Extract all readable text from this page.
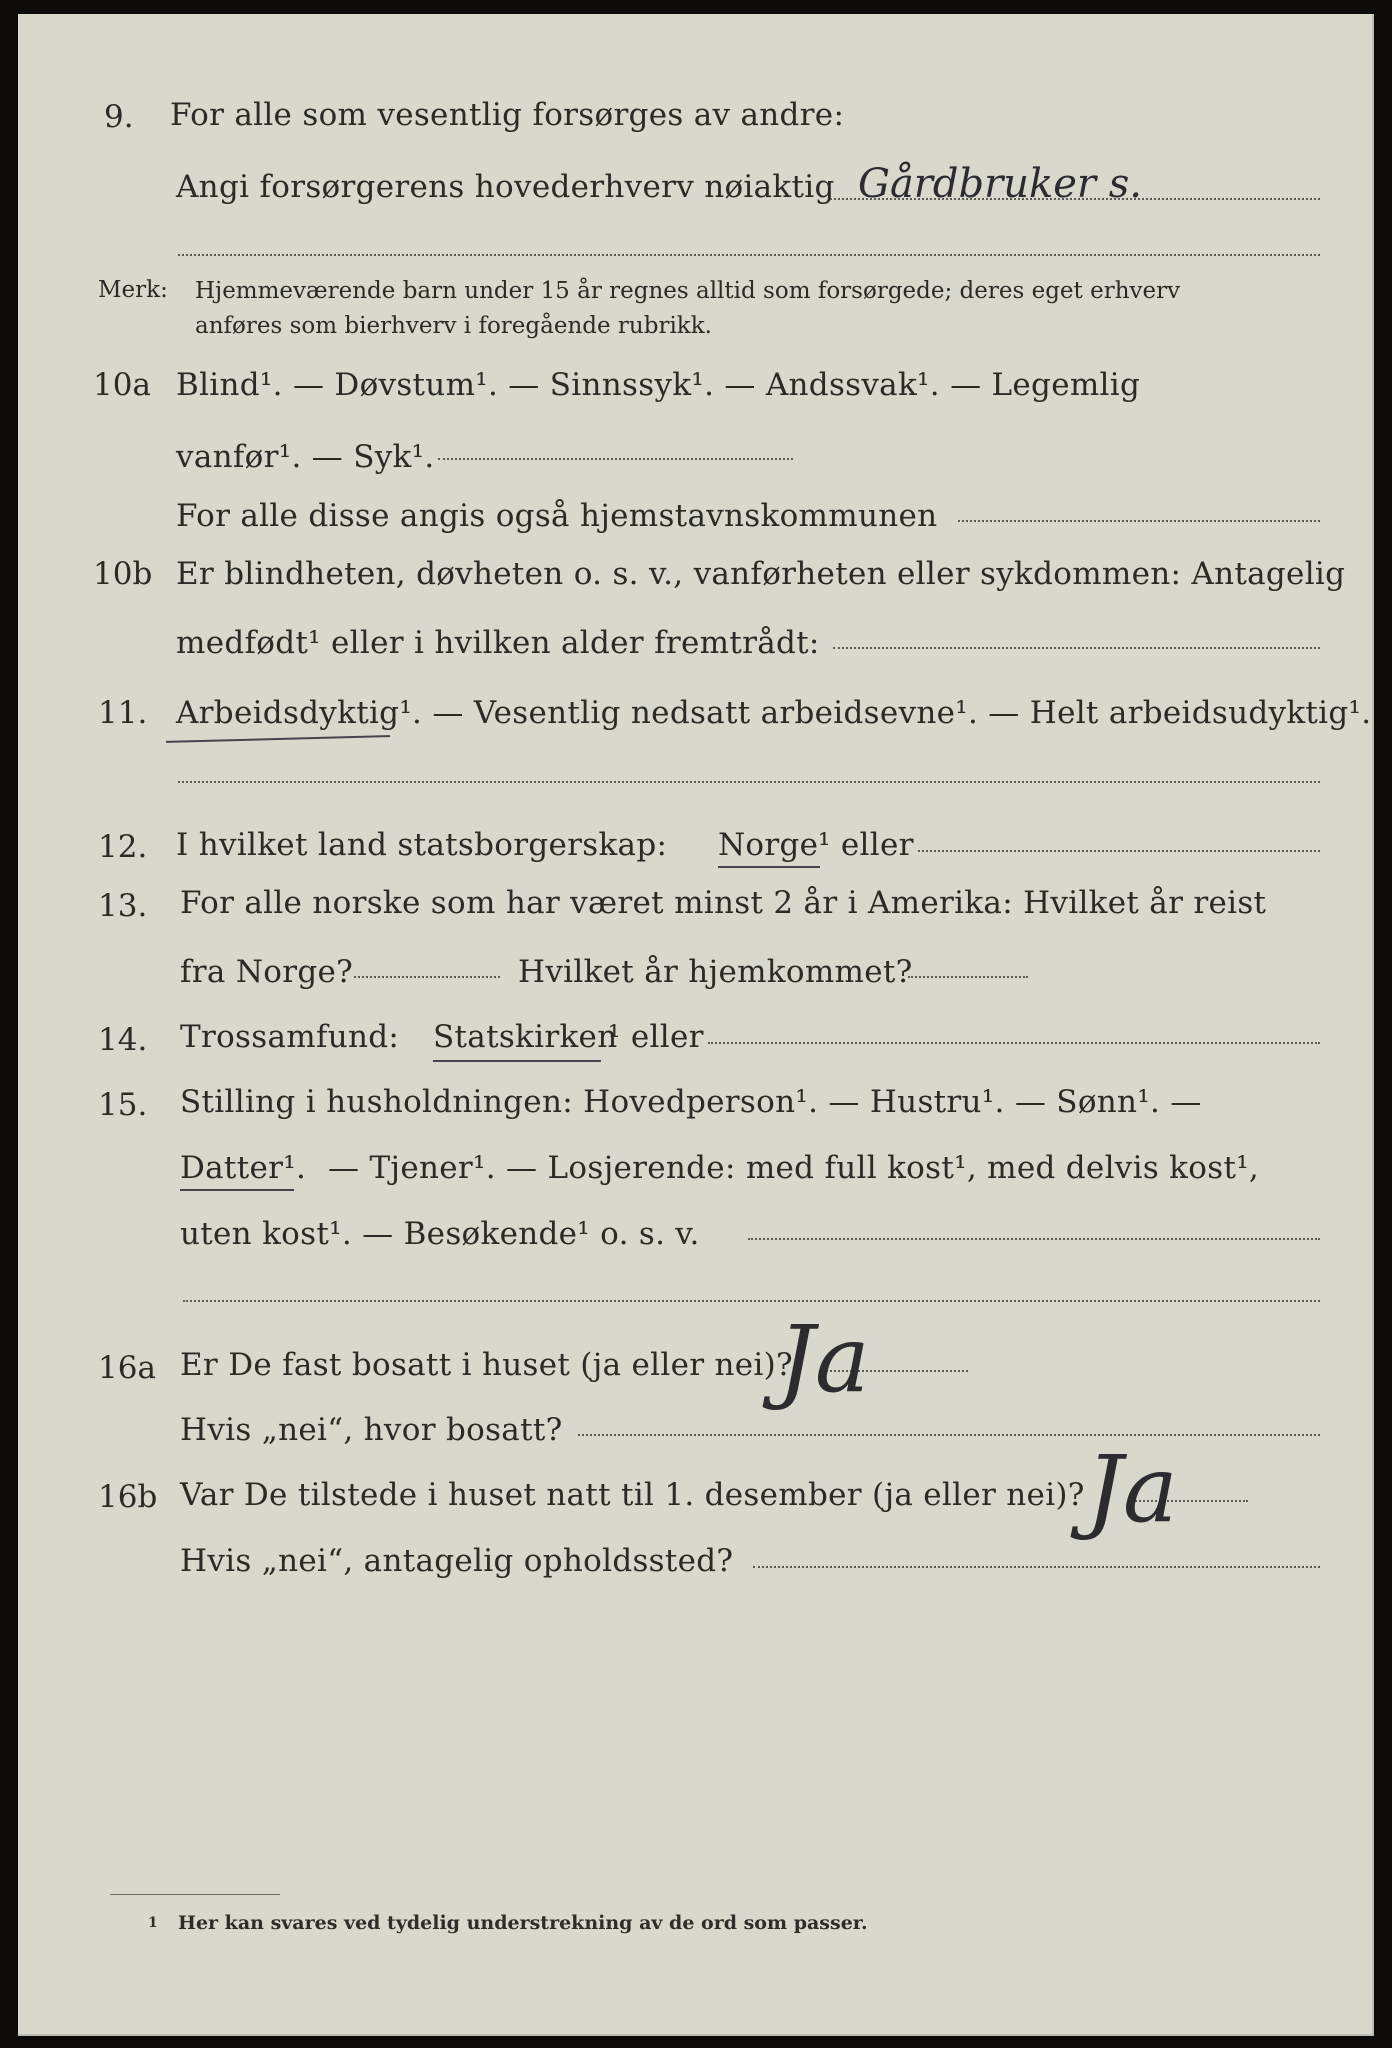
9. For alle som vesentlig forsørges av andre:
Angi forsørgerens hovederhverv nøiaktig Gårdbruker s.
Merk: Hjemmeværende barn under 15 år regnes alltid som forsørgede; deres eget erhverv
anføres som bierhverv i foregående rubrikk.
10a Blind¹. — Døvstum¹. — Sinnssyk¹. — Andssvak¹. — Legemlig
vanfør¹. — Syk¹.
For alle disse angis også hjemstavnskommunen
10b Er blindheten, døvheten o. s. v., vanførheten eller sykdommen: Antagelig
medfødt¹ eller i hvilken alder fremtrådt:
11. Arbeidsdyktig¹. — Vesentlig nedsatt arbeidsevne¹. — Helt arbeidsudyktig¹.
12. I hvilket land statsborgerskap: Norge ¹ eller
13. For alle norske som har været minst 2 år i Amerika: Hvilket år reist
fra Norge?	Hvilket år hjemkommet?
14. Trossamfund: Statskirken
¹ eller
15. Stilling i husholdningen: Hovedperson¹. — Hustru¹. — Sønn¹. —
Datter¹. — Tjener¹. — Losjerende: med full kost¹, med delvis kost¹,
uten kost¹. — Besøkende¹ o. s. v.
16a Er De fast bosatt i huset (ja eller nei)?
Ja
Hvis „nei“, hvor bosatt?
16b Var De tilstede i huset natt til 1. desember (ja eller nei)? Ja
Hvis „nei“, antagelig opholdssted?
1 Her kan svares ved tydelig understrekning av de ord som passer.
